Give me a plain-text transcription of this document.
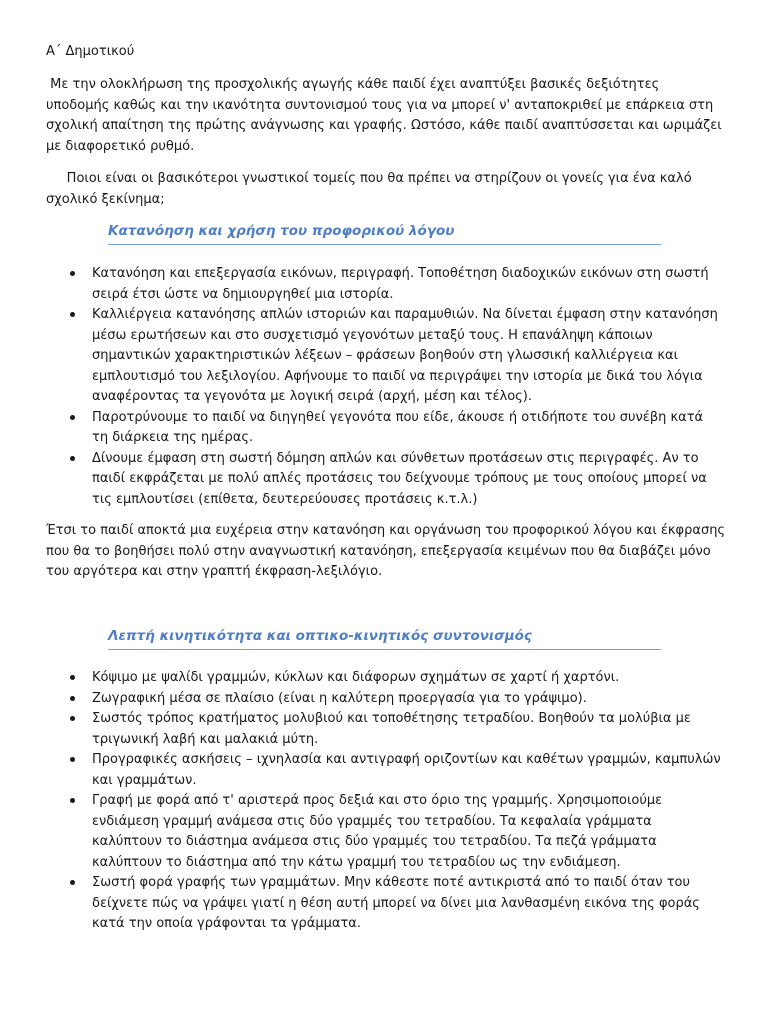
Α΄ Δημοτικού

Με την ολοκλήρωση της προσχολικής αγωγής κάθε παιδί έχει αναπτύξει βασικές δεξιότητες υποδομής καθώς και την ικανότητα συντονισμού τους για να μπορεί ν' ανταποκριθεί με επάρκεια στη σχολική απαίτηση της πρώτης ανάγνωσης και γραφής. Ωστόσο, κάθε παιδί αναπτύσσεται και ωριμάζει με διαφορετικό ρυθμό.

Ποιοι είναι οι βασικότεροι γνωστικοί τομείς που θα πρέπει να στηρίζουν οι γονείς για ένα καλό σχολικό ξεκίνημα;

Κατανόηση και χρήση του προφορικού λόγου
Κατανόηση και επεξεργασία εικόνων, περιγραφή. Τοποθέτηση διαδοχικών εικόνων στη σωστή σειρά έτσι ώστε να δημιουργηθεί μια ιστορία.
Καλλιέργεια κατανόησης απλών ιστοριών και παραμυθιών. Να δίνεται έμφαση στην κατανόηση μέσω ερωτήσεων και στο συσχετισμό γεγονότων μεταξύ τους. Η επανάληψη κάποιων σημαντικών χαρακτηριστικών λέξεων – φράσεων βοηθούν στη γλωσσική καλλιέργεια και εμπλουτισμό του λεξιλογίου. Αφήνουμε το παιδί να περιγράψει την ιστορία με δικά του λόγια αναφέροντας τα γεγονότα με λογική σειρά (αρχή, μέση και τέλος).
Παροτρύνουμε το παιδί να διηγηθεί γεγονότα που είδε, άκουσε ή οτιδήποτε του συνέβη κατά τη διάρκεια της ημέρας.
Δίνουμε έμφαση στη σωστή δόμηση απλών και σύνθετων προτάσεων στις περιγραφές. Αν το παιδί εκφράζεται με πολύ απλές προτάσεις του δείχνουμε τρόπους με τους οποίους μπορεί να τις εμπλουτίσει (επίθετα, δευτερεύουσες προτάσεις κ.τ.λ.)

Έτσι το παιδί αποκτά μια ευχέρεια στην κατανόηση και οργάνωση του προφορικού λόγου και έκφρασης που θα το βοηθήσει πολύ στην αναγνωστική κατανόηση, επεξεργασία κειμένων που θα διαβάζει μόνο του αργότερα και στην γραπτή έκφραση-λεξιλόγιο.

Λεπτή κινητικότητα και οπτικο-κινητικός συντονισμός
Κόψιμο με ψαλίδι γραμμών, κύκλων και διάφορων σχημάτων σε χαρτί ή χαρτόνι.
Ζωγραφική μέσα σε πλαίσιο (είναι η καλύτερη προεργασία για το γράψιμο).
Σωστός τρόπος κρατήματος μολυβιού και τοποθέτησης τετραδίου. Βοηθούν τα μολύβια με τριγωνική λαβή και μαλακιά μύτη.
Προγραφικές ασκήσεις – ιχνηλασία και αντιγραφή οριζοντίων και καθέτων γραμμών, καμπυλών και γραμμάτων.
Γραφή με φορά από τ' αριστερά προς δεξιά και στο όριο της γραμμής. Χρησιμοποιούμε ενδιάμεση γραμμή ανάμεσα στις δύο γραμμές του τετραδίου. Τα κεφαλαία γράμματα καλύπτουν το διάστημα ανάμεσα στις δύο γραμμές του τετραδίου. Τα πεζά γράμματα καλύπτουν το διάστημα από την κάτω γραμμή του τετραδίου ως την ενδιάμεση.
Σωστή φορά γραφής των γραμμάτων. Μην κάθεστε ποτέ αντικριστά από το παιδί όταν του δείχνετε πώς να γράψει γιατί η θέση αυτή μπορεί να δίνει μια λανθασμένη εικόνα της φοράς κατά την οποία γράφονται τα γράμματα.
